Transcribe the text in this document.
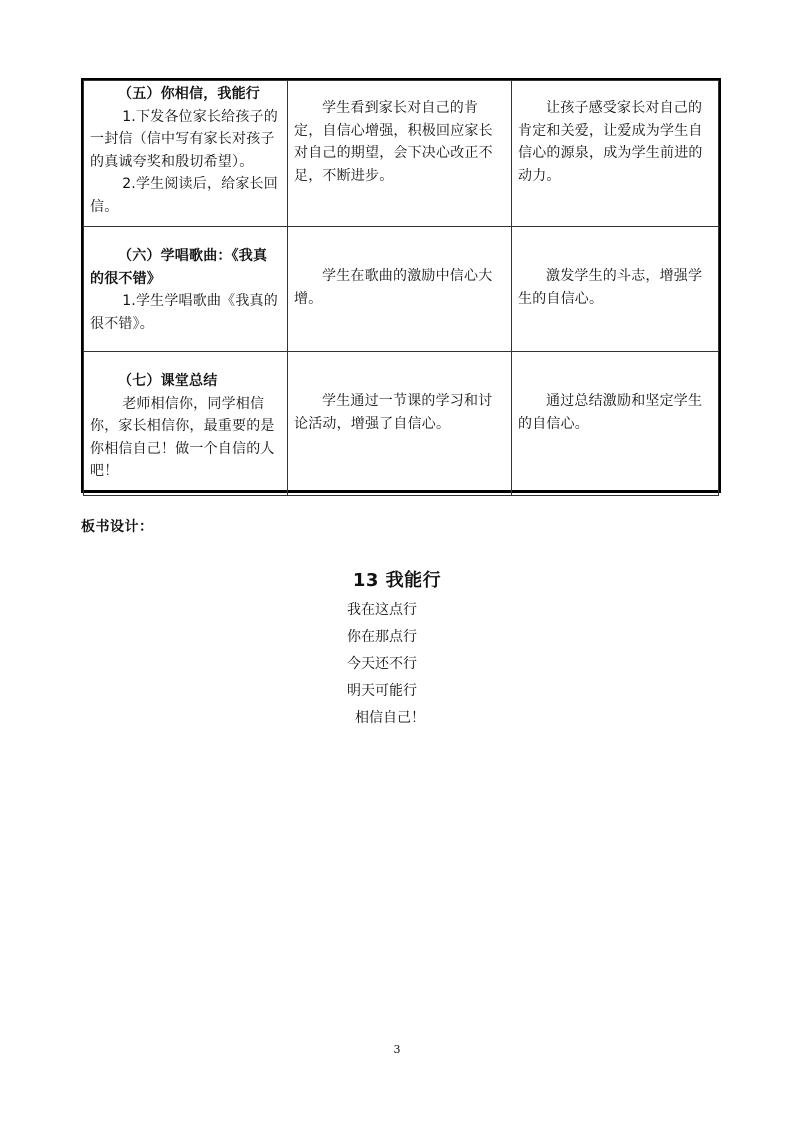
（五）你相信，我能行
1.下发各位家长给孩子的一封信（信中写有家长对孩子的真诚夸奖和殷切希望）。
2.学生阅读后，给家长回信。	学生看到家长对自己的肯定，自信心增强，积极回应家长对自己的期望，会下决心改正不足，不断进步。	让孩子感受家长对自己的肯定和关爱，让爱成为学生自信心的源泉，成为学生前进的动力。

（六）学唱歌曲：《我真的很不错》
1.学生学唱歌曲《我真的很不错》。	学生在歌曲的激励中信心大增。	激发学生的斗志，增强学生的自信心。

（七）课堂总结
老师相信你，同学相信你，家长相信你，最重要的是你相信自己！做一个自信的人吧！	学生通过一节课的学习和讨论活动，增强了自信心。	通过总结激励和坚定学生的自信心。
板书设计：
13 我能行
我在这点行
你在那点行
今天还不行
明天可能行
相信自己！
3
